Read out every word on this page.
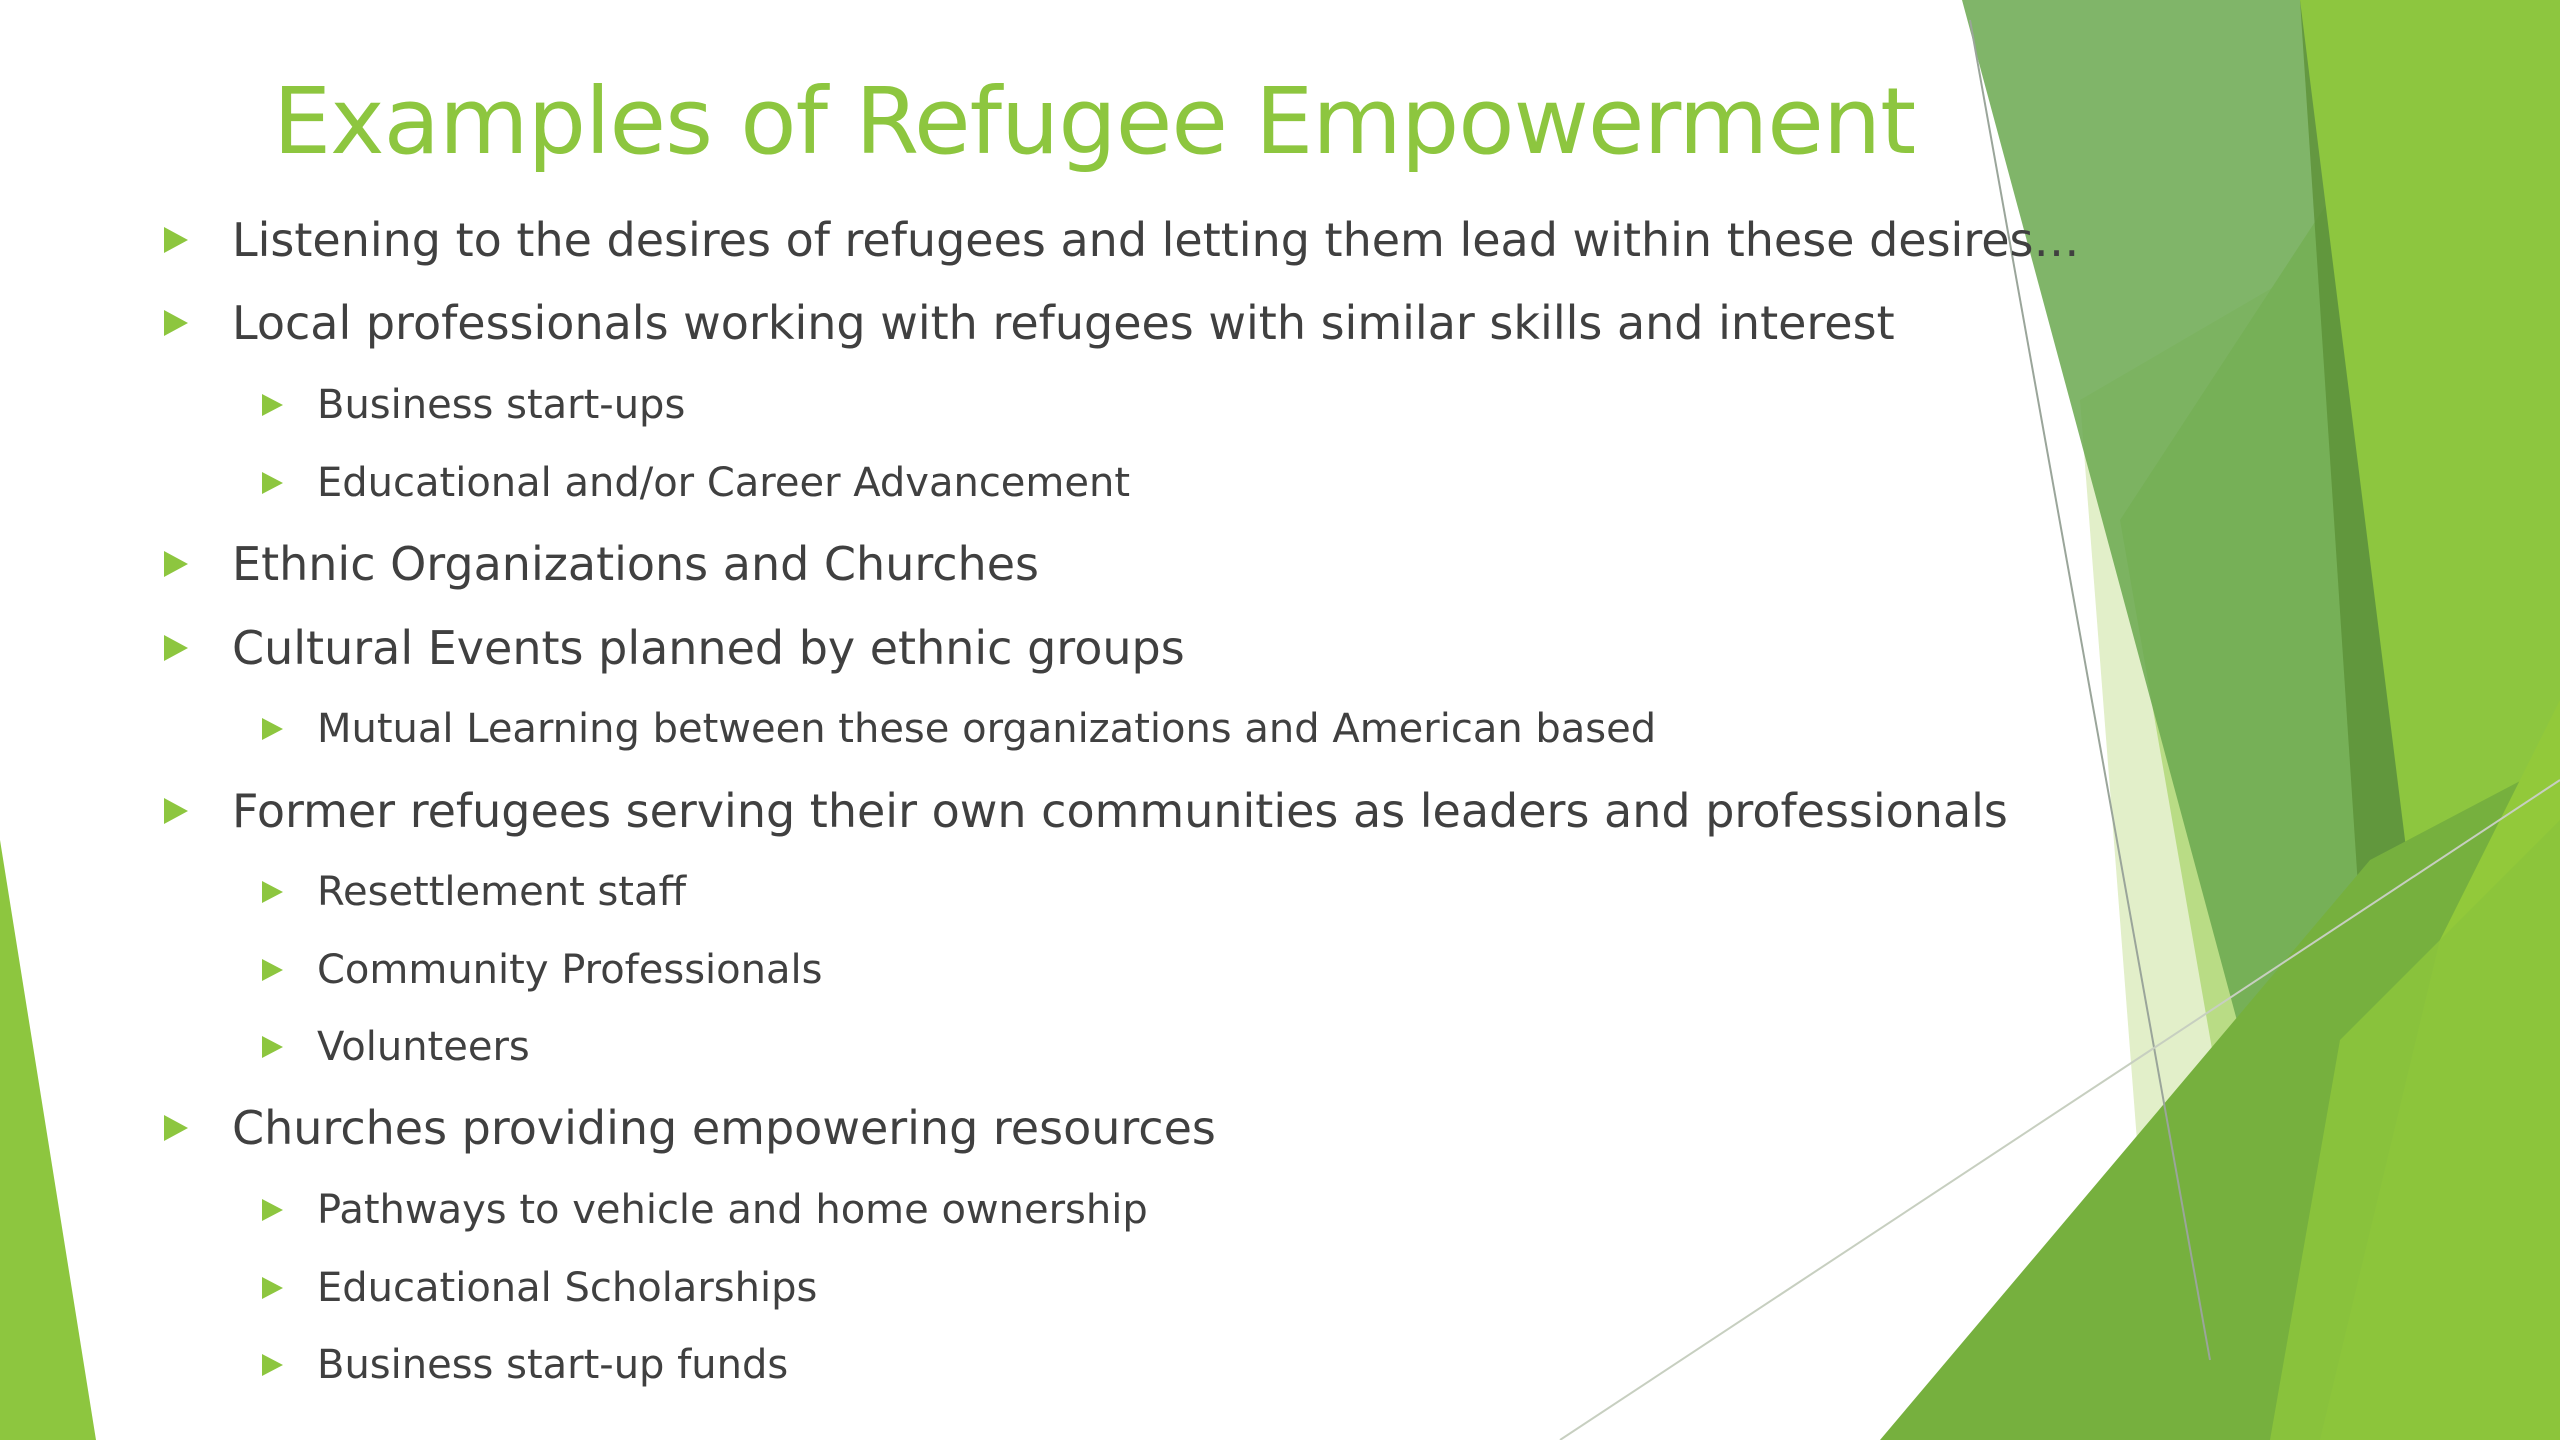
Examples of Refugee Empowerment
Listening to the desires of refugees and letting them lead within these desires…
Local professionals working with refugees with similar skills and interest
Business start-ups
Educational and/or Career Advancement
Ethnic Organizations and Churches
Cultural Events planned by ethnic groups
Mutual Learning between these organizations and American based
Former refugees serving their own communities as leaders and professionals
Resettlement staff
Community Professionals
Volunteers
Churches providing empowering resources
Pathways to vehicle and home ownership
Educational Scholarships
Business start-up funds
